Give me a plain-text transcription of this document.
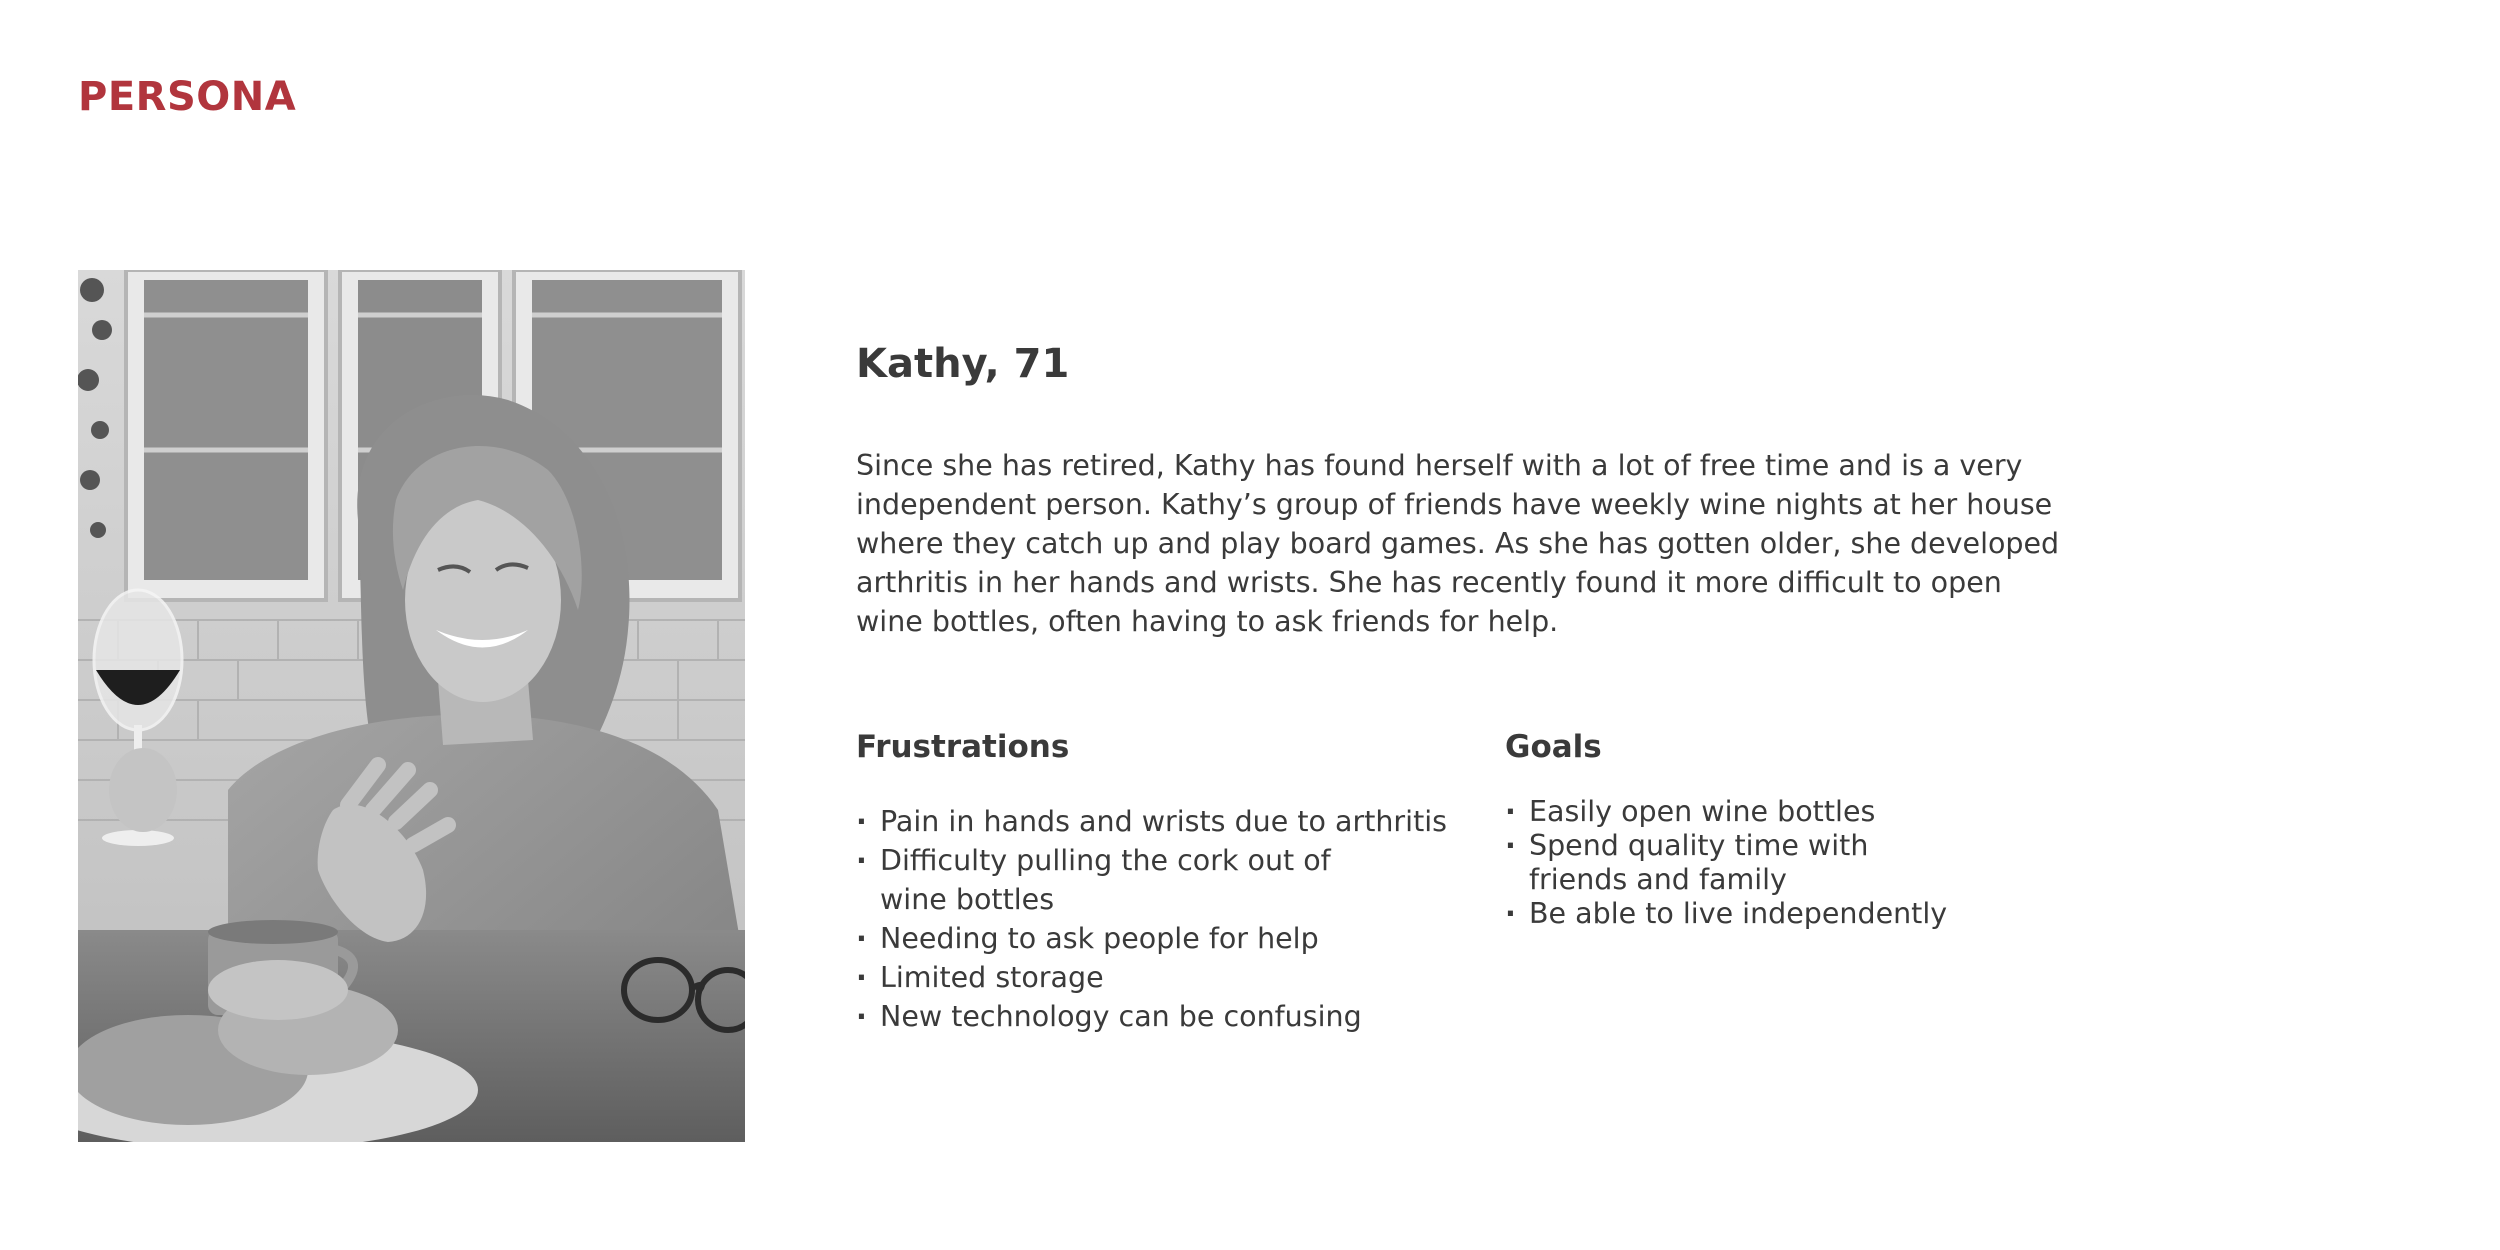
PERSONA
Kathy, 71

Since she has retired, Kathy has found herself with a lot of free time and is a very
independent person. Kathy’s group of friends have weekly wine nights at her house
where they catch up and play board games. As she has gotten older, she developed
arthritis in her hands and wrists. She has recently found it more difficult to open
wine bottles, often having to ask friends for help.

Frustrations
· Pain in hands and wrists due to arthritis
· Difficulty pulling the cork out of wine bottles
· Needing to ask people for help
· Limited storage
· New technology can be confusing
Goals
· Easily open wine bottles
· Spend quality time with friends and family
· Be able to live independently
